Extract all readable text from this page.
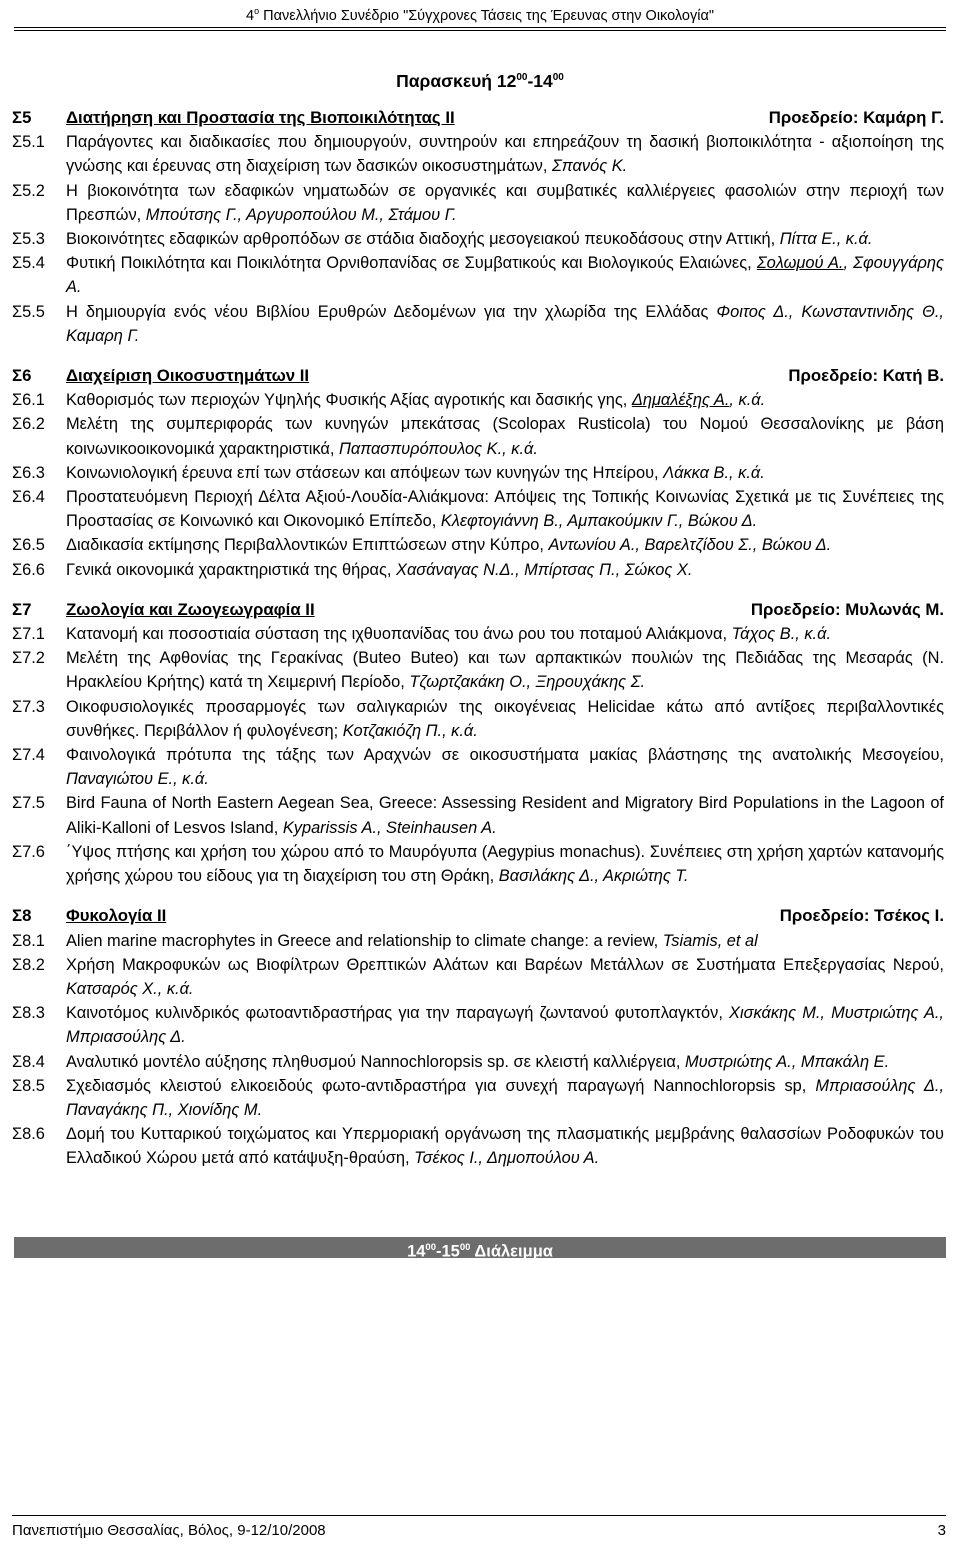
$4^o$ Πανελλήνιο Συνέδριο "Σύγχρονες Τάσεις της Έρευνας στην Οικολογία"
Παρασκευή $12^{00}-14^{00}$
Σ5	Διατήρηση και Προστασία της Βιοποικιλότητας ΙΙ	Προεδρείο: Καμάρη Γ.
Σ5.1	Παράγοντες και διαδικασίες που δημιουργούν, συντηρούν και επηρεάζουν τη δασική βιοποικιλότητα - αξιοποίηση της γνώσης και έρευνας στη διαχείριση των δασικών οικοσυστημάτων, Σπανός Κ.
Σ5.2	Η βιοκοινότητα των εδαφικών νηματωδών σε οργανικές και συμβατικές καλλιέργειες φασολιών στην περιοχή των Πρεσπών, Μπούτσης Γ., Αργυροπούλου Μ., Στάμου Γ.
Σ5.3	Βιοκοινότητες εδαφικών αρθροπόδων σε στάδια διαδοχής μεσογειακού πευκοδάσους στην Αττική, Πίττα Ε., κ.ά.
Σ5.4	Φυτική Ποικιλότητα και Ποικιλότητα Ορνιθοπανίδας σε Συμβατικούς και Βιολογικούς Ελαιώνες, Σολωμού Α., Σφουγγάρης Α.
Σ5.5	Η δημιουργία ενός νέου Βιβλίου Ερυθρών Δεδομένων για την χλωρίδα της Ελλάδας Φοιτος Δ., Κωνσταντινιδης Θ., Καμαρη Γ.
Σ6	Διαχείριση Οικοσυστημάτων ΙΙ	Προεδρείο: Κατή Β.
Σ6.1	Καθορισμός των περιοχών Υψηλής Φυσικής Αξίας αγροτικής και δασικής γης, Δημαλέξης Α., κ.ά.
Σ6.2	Μελέτη της συμπεριφοράς των κυνηγών μπεκάτσας (Scolopax Rusticola) του Νομού Θεσσαλονίκης με βάση κοινωνικοοικονομικά χαρακτηριστικά, Παπασπυρόπουλος Κ., κ.ά.
Σ6.3	Κοινωνιολογική έρευνα επί των στάσεων και απόψεων των κυνηγών της Ηπείρου, Λάκκα Β., κ.ά.
Σ6.4	Προστατευόμενη Περιοχή Δέλτα Αξιού-Λουδία-Αλιάκμονα: Απόψεις της Τοπικής Κοινωνίας Σχετικά με τις Συνέπειες της Προστασίας σε Κοινωνικό και Οικονομικό Επίπεδο, Κλεφτογιάννη Β., Αμπακούμκιν Γ., Βώκου Δ.
Σ6.5	Διαδικασία εκτίμησης Περιβαλλοντικών Επιπτώσεων στην Κύπρο, Αντωνίου Α., Βαρελτζίδου Σ., Βώκου Δ.
Σ6.6	Γενικά οικονομικά χαρακτηριστικά της θήρας, Χασάναγας Ν.Δ., Μπίρτσας Π., Σώκος Χ.
Σ7	Ζωολογία και Ζωογεωγραφία ΙΙ	Προεδρείο: Μυλωνάς Μ.
Σ7.1	Κατανομή και ποσοστιαία σύσταση της ιχθυοπανίδας του άνω ρου του ποταμού Αλιάκμονα, Τάχος Β., κ.ά.
Σ7.2	Μελέτη της Αφθονίας της Γερακίνας (Buteo Buteo) και των αρπακτικών πουλιών της Πεδιάδας της Μεσαράς (Ν. Ηρακλείου Κρήτης) κατά τη Χειμερινή Περίοδο, Τζωρτζακάκη Ο., Ξηρουχάκης Σ.
Σ7.3	Οικοφυσιολογικές προσαρμογές των σαλιγκαριών της οικογένειας Helicidae κάτω από αντίξοες περιβαλλοντικές συνθήκες. Περιβάλλον ή φυλογένεση; Κοτζακιόζη Π., κ.ά.
Σ7.4	Φαινολογικά πρότυπα της τάξης των Αραχνών σε οικοσυστήματα μακίας βλάστησης της ανατολικής Μεσογείου, Παναγιώτου Ε., κ.ά.
Σ7.5	Bird Fauna of North Eastern Aegean Sea, Greece: Assessing Resident and Migratory Bird Populations in the Lagoon of Aliki-Kalloni of Lesvos Island, Kyparissis A., Steinhausen A.
Σ7.6	΄Υψος πτήσης και χρήση του χώρου από το Μαυρόγυπα (Aegypius monachus). Συνέπειες στη χρήση χαρτών κατανομής χρήσης χώρου του είδους για τη διαχείριση του στη Θράκη, Βασιλάκης Δ., Ακριώτης Τ.
Σ8	Φυκολογία ΙΙ	Προεδρείο: Τσέκος Ι.
Σ8.1	Alien marine macrophytes in Greece and relationship to climate change: a review, Tsiamis, et al
Σ8.2	Χρήση Μακροφυκών ως Βιοφίλτρων Θρεπτικών Αλάτων και Βαρέων Μετάλλων σε Συστήματα Επεξεργασίας Νερού, Κατσαρός Χ., κ.ά.
Σ8.3	Καινοτόμος κυλινδρικός φωτοαντιδραστήρας για την παραγωγή ζωντανού φυτοπλαγκτόν, Χισκάκης Μ., Μυστριώτης Α., Μπριασούλης Δ.
Σ8.4	Αναλυτικό μοντέλο αύξησης πληθυσμού Nannochloropsis sp. σε κλειστή καλλιέργεια, Μυστριώτης Α., Μπακάλη Ε.
Σ8.5	Σχεδιασμός κλειστού ελικοειδούς φωτο-αντιδραστήρα για συνεχή παραγωγή Nannochloropsis sp, Μπριασούλης Δ., Παναγάκης Π., Χιονίδης Μ.
Σ8.6	Δομή του Κυτταρικού τοιχώματος και Υπερμοριακή οργάνωση της πλασματικής μεμβράνης θαλασσίων Ροδοφυκών του Ελλαδικού Χώρου μετά από κατάψυξη-θραύση, Τσέκος Ι., Δημοπούλου Α.
$14^{00}-15^{00}$ Διάλειμμα
Πανεπιστήμιο Θεσσαλίας, Βόλος, 9-12/10/2008	3
